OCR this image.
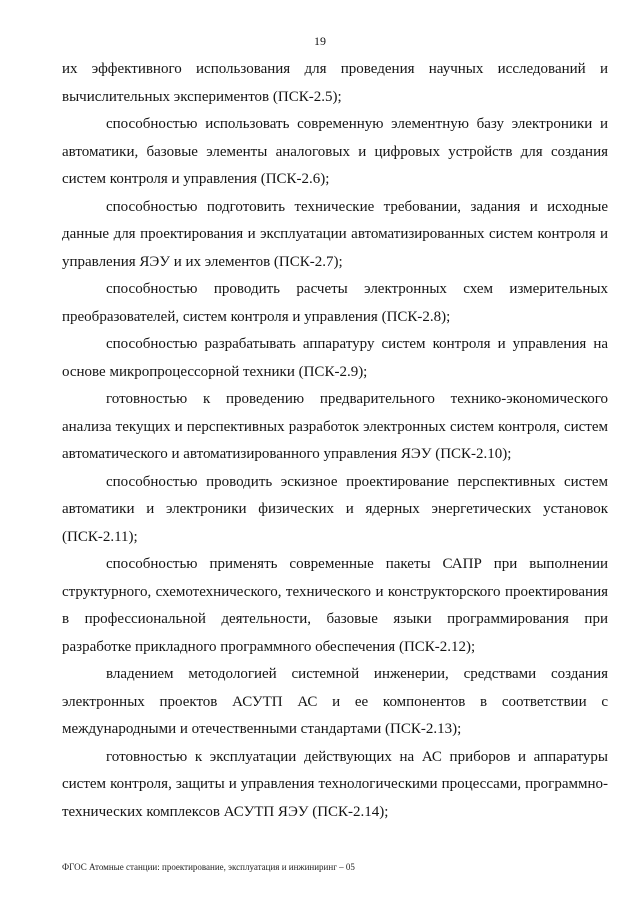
19

их эффективного использования для проведения научных исследований и вычислительных экспериментов (ПСК-2.5);

способностью использовать современную элементную базу электроники и автоматики, базовые элементы аналоговых и цифровых устройств для создания систем контроля и управления (ПСК-2.6);

способностью подготовить технические требовании, задания и исходные данные для проектирования и эксплуатации автоматизированных систем контроля и управления ЯЭУ и их элементов (ПСК-2.7);

способностью проводить расчеты электронных схем измерительных преобразователей, систем контроля и управления (ПСК-2.8);

способностью разрабатывать аппаратуру систем контроля и управления на основе микропроцессорной техники (ПСК-2.9);

готовностью к проведению предварительного технико-экономического анализа текущих и перспективных разработок электронных систем контроля, систем автоматического и автоматизированного управления ЯЭУ (ПСК-2.10);

способностью проводить эскизное проектирование перспективных систем автоматики и электроники физических и ядерных энергетических установок (ПСК-2.11);

способностью применять современные пакеты САПР при выполнении структурного, схемотехнического, технического и конструкторского проектирования в профессиональной деятельности, базовые языки программирования при разработке прикладного программного обеспечения (ПСК-2.12);

владением методологией системной инженерии, средствами создания электронных проектов АСУТП АС и ее компонентов в соответствии с международными и отечественными стандартами (ПСК-2.13);

готовностью к эксплуатации действующих на АС приборов и аппаратуры систем контроля, защиты и управления технологическими процессами, программно-технических комплексов АСУТП ЯЭУ (ПСК-2.14);

ФГОС Атомные станции: проектирование, эксплуатация и инжиниринг – 05
